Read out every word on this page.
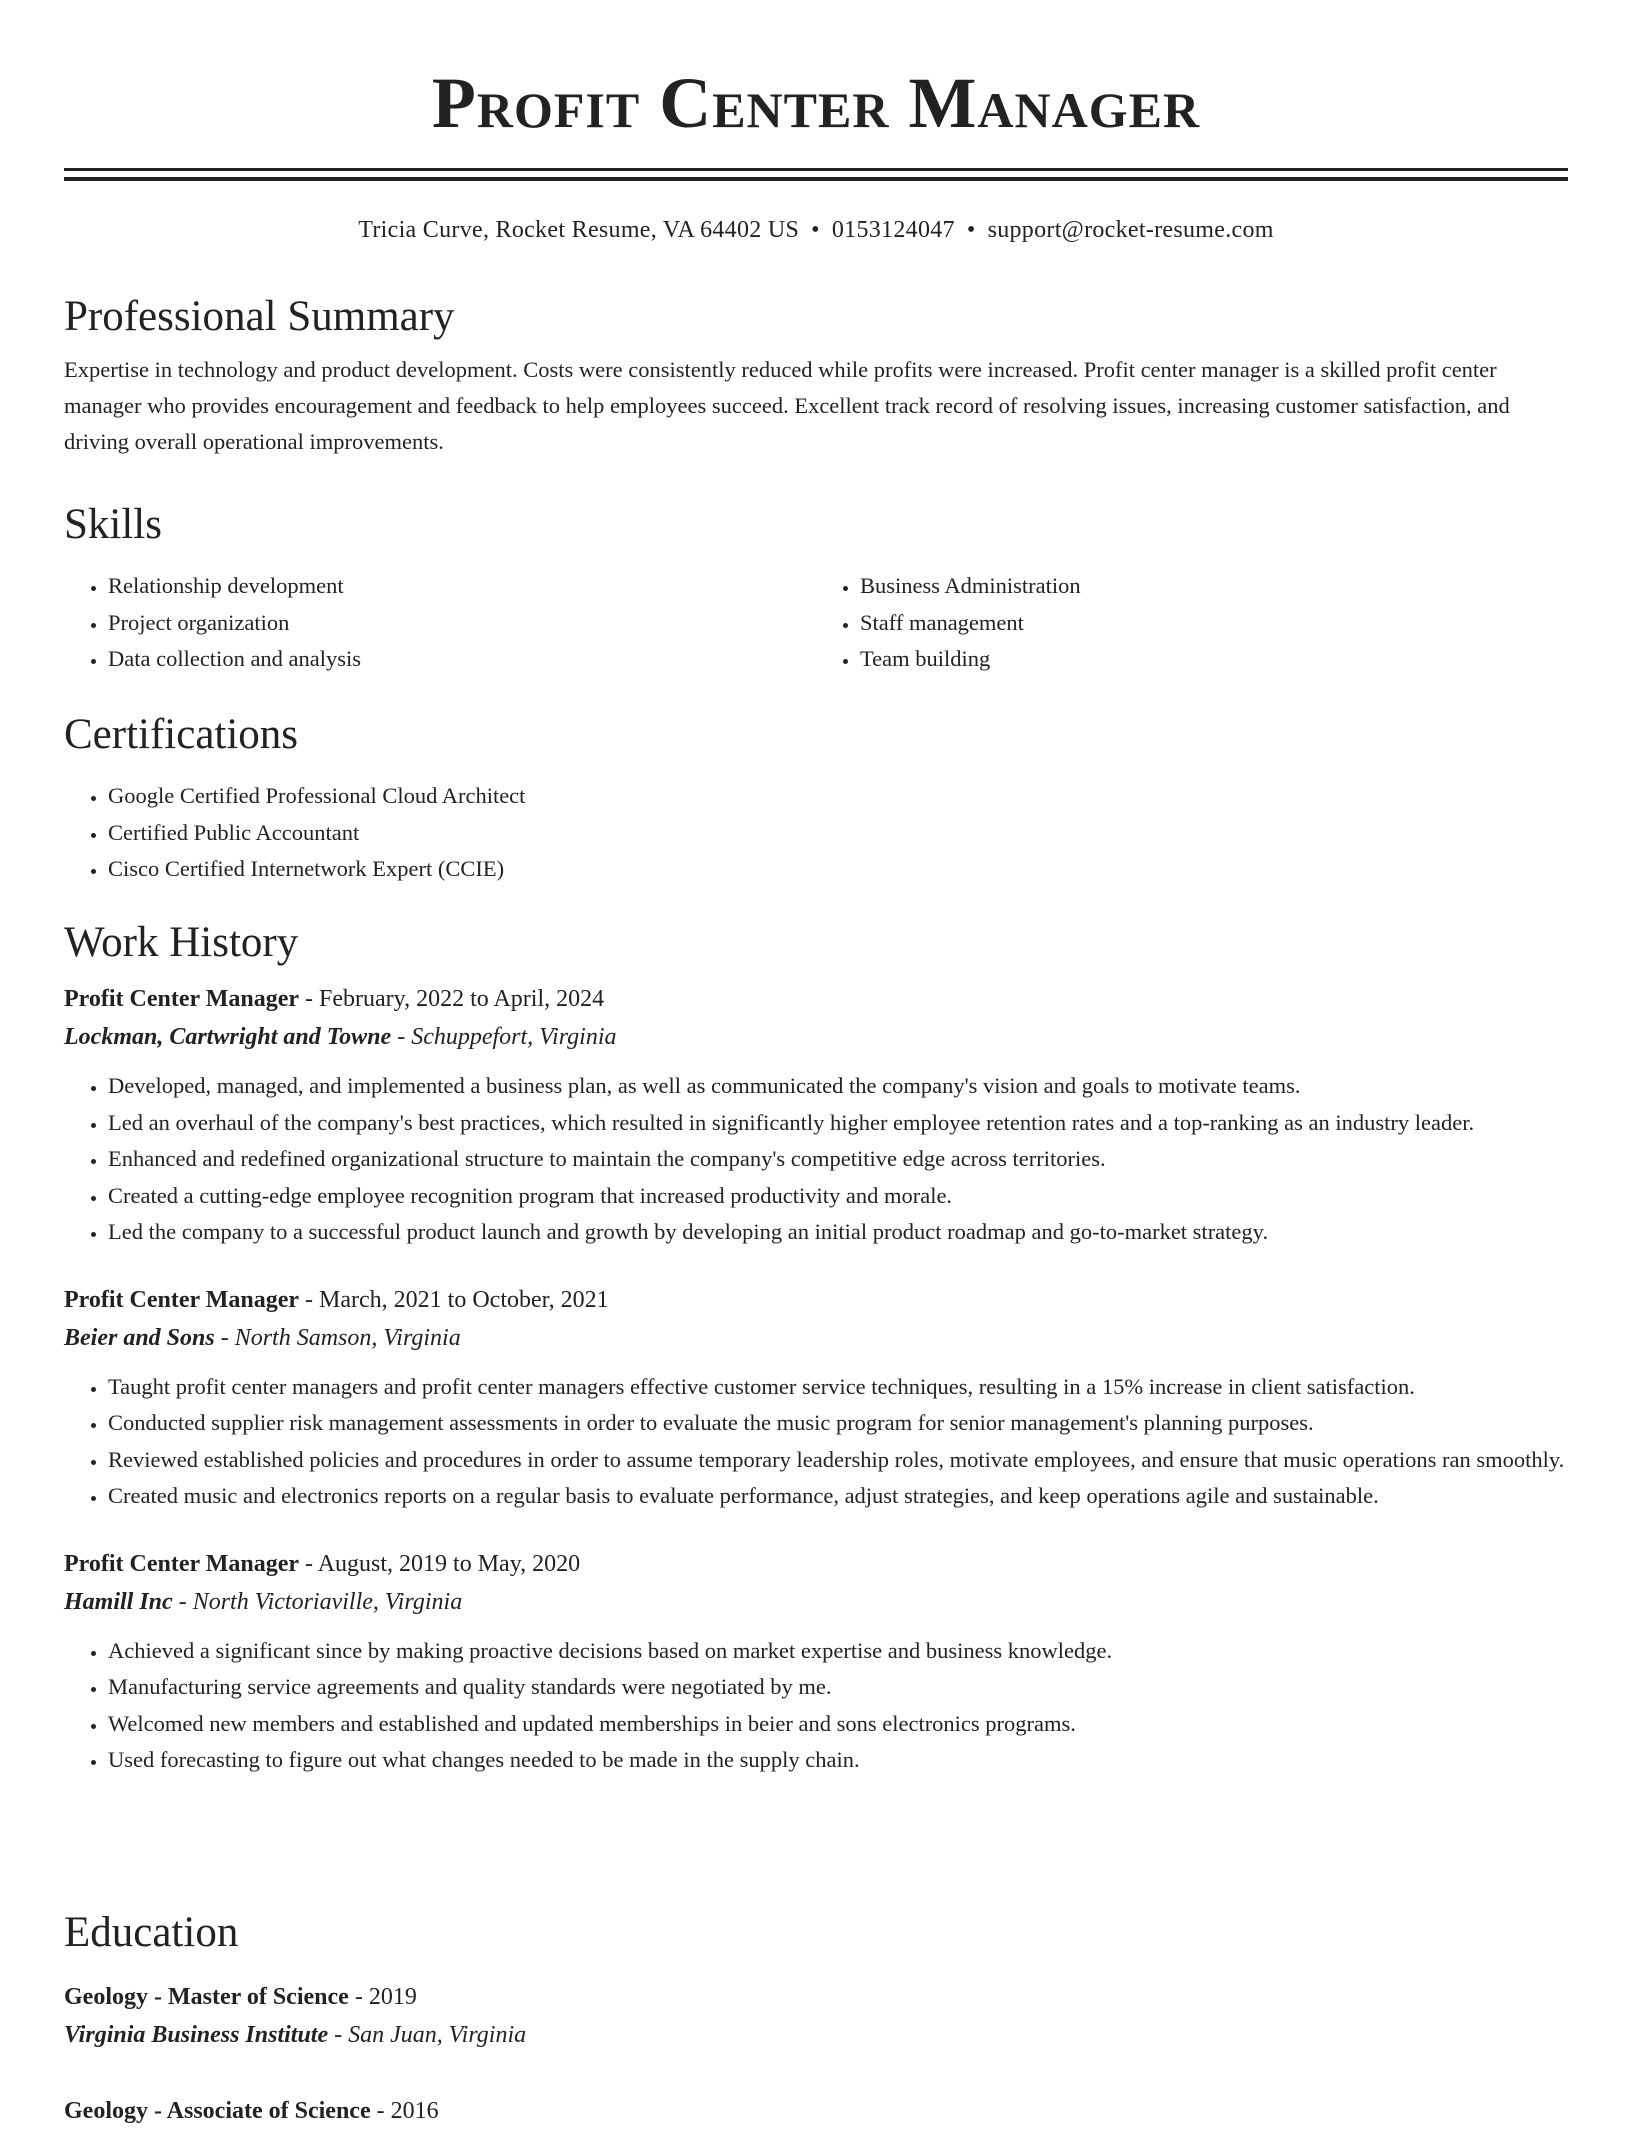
Profit Center Manager
Tricia Curve, Rocket Resume, VA 64402 US • 0153124047 • support@rocket-resume.com
Professional Summary

Expertise in technology and product development. Costs were consistently reduced while profits were increased. Profit center manager is a skilled profit center manager who provides encouragement and feedback to help employees succeed. Excellent track record of resolving issues, increasing customer satisfaction, and driving overall operational improvements.

Skills
• Relationship development
• Project organization
• Data collection and analysis
• Business Administration
• Staff management
• Team building
Certifications
• Google Certified Professional Cloud Architect
• Certified Public Accountant
• Cisco Certified Internetwork Expert (CCIE)
Work History
Profit Center Manager - February, 2022 to April, 2024
Lockman, Cartwright and Towne - Schuppefort, Virginia
• Developed, managed, and implemented a business plan, as well as communicated the company's vision and goals to motivate teams.
• Led an overhaul of the company's best practices, which resulted in significantly higher employee retention rates and a top-ranking as an industry leader.
• Enhanced and redefined organizational structure to maintain the company's competitive edge across territories.
• Created a cutting-edge employee recognition program that increased productivity and morale.
• Led the company to a successful product launch and growth by developing an initial product roadmap and go-to-market strategy.
Profit Center Manager - March, 2021 to October, 2021
Beier and Sons - North Samson, Virginia
• Taught profit center managers and profit center managers effective customer service techniques, resulting in a 15% increase in client satisfaction.
• Conducted supplier risk management assessments in order to evaluate the music program for senior management's planning purposes.
• Reviewed established policies and procedures in order to assume temporary leadership roles, motivate employees, and ensure that music operations ran smoothly.
• Created music and electronics reports on a regular basis to evaluate performance, adjust strategies, and keep operations agile and sustainable.
Profit Center Manager - August, 2019 to May, 2020
Hamill Inc - North Victoriaville, Virginia
• Achieved a significant since by making proactive decisions based on market expertise and business knowledge.
• Manufacturing service agreements and quality standards were negotiated by me.
• Welcomed new members and established and updated memberships in beier and sons electronics programs.
• Used forecasting to figure out what changes needed to be made in the supply chain.
Education
Geology - Master of Science - 2019
Virginia Business Institute - San Juan, Virginia
Geology - Associate of Science - 2016
